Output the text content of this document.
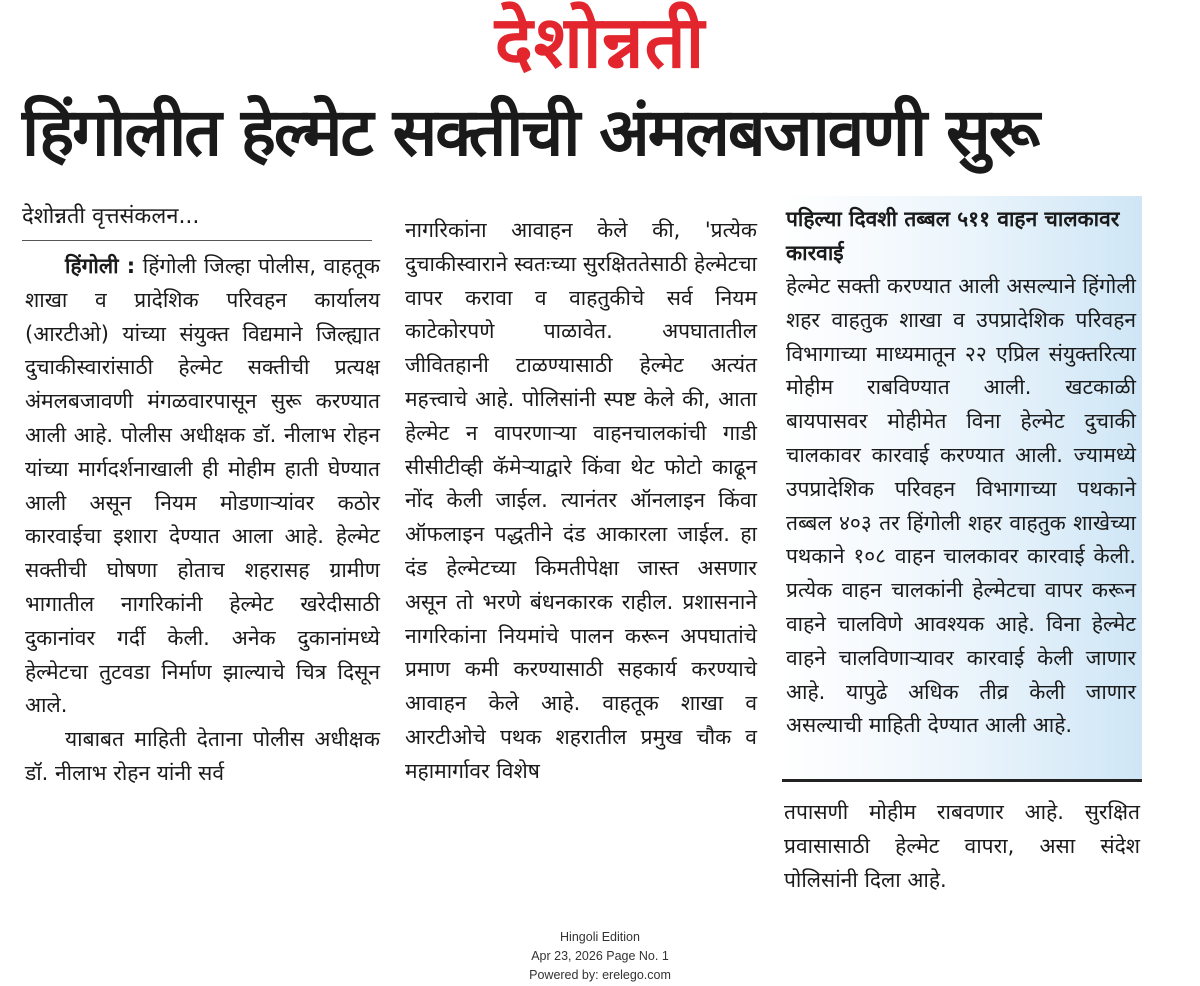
देशोन्नती
हिंगोलीत हेल्मेट सक्तीची अंमलबजावणी सुरू
देशोन्नती वृत्तसंकलन...

हिंगोली : हिंगोली जिल्हा पोलीस, वाहतूक शाखा व प्रादेशिक परिवहन कार्यालय (आरटीओ) यांच्या संयुक्त विद्यमाने जिल्ह्यात दुचाकीस्वारांसाठी हेल्मेट सक्तीची प्रत्यक्ष अंमलबजावणी मंगळवारपासून सुरू करण्यात आली आहे. पोलीस अधीक्षक डॉ. नीलाभ रोहन यांच्या मार्गदर्शनाखाली ही मोहीम हाती घेण्यात आली असून नियम मोडणाऱ्यांवर कठोर कारवाईचा इशारा देण्यात आला आहे. हेल्मेट सक्तीची घोषणा होताच शहरासह ग्रामीण भागातील नागरिकांनी हेल्मेट खरेदीसाठी दुकानांवर गर्दी केली. अनेक दुकानांमध्ये हेल्मेटचा तुटवडा निर्माण झाल्याचे चित्र दिसून आले.

याबाबत माहिती देताना पोलीस अधीक्षक डॉ. नीलाभ रोहन यांनी सर्व

नागरिकांना आवाहन केले की, 'प्रत्येक दुचाकीस्वाराने स्वतःच्या सुरक्षिततेसाठी हेल्मेटचा वापर करावा व वाहतुकीचे सर्व नियम काटेकोरपणे पाळावेत. अपघातातील जीवितहानी टाळण्यासाठी हेल्मेट अत्यंत महत्त्वाचे आहे. पोलिसांनी स्पष्ट केले की, आता हेल्मेट न वापरणाऱ्या वाहनचालकांची गाडी सीसीटीव्ही कॅमेऱ्याद्वारे किंवा थेट फोटो काढून नोंद केली जाईल. त्यानंतर ऑनलाइन किंवा ऑफलाइन पद्धतीने दंड आकारला जाईल. हा दंड हेल्मेटच्या किमतीपेक्षा जास्त असणार असून तो भरणे बंधनकारक राहील. प्रशासनाने नागरिकांना नियमांचे पालन करून अपघातांचे प्रमाण कमी करण्यासाठी सहकार्य करण्याचे आवाहन केले आहे. वाहतूक शाखा व आरटीओचे पथक शहरातील प्रमुख चौक व महामार्गावर विशेष

पहिल्या दिवशी तब्बल ५११ वाहन चालकावर कारवाई
हेल्मेट सक्ती करण्यात आली असल्याने हिंगोली शहर वाहतुक शाखा व उपप्रादेशिक परिवहन विभागाच्या माध्यमातून २२ एप्रिल संयुक्तरित्या मोहीम राबविण्यात आली. खटकाळी बायपासवर मोहीमेत विना हेल्मेट दुचाकी चालकावर कारवाई करण्यात आली. ज्यामध्ये उपप्रादेशिक परिवहन विभागाच्या पथकाने तब्बल ४०३ तर हिंगोली शहर वाहतुक शाखेच्या पथकाने १०८ वाहन चालकावर कारवाई केली. प्रत्येक वाहन चालकांनी हेल्मेटचा वापर करून वाहने चालविणे आवश्यक आहे. विना हेल्मेट वाहने चालविणाऱ्यावर कारवाई केली जाणार आहे. यापुढे अधिक तीव्र केली जाणार असल्याची माहिती देण्यात आली आहे.
तपासणी मोहीम राबवणार आहे. सुरक्षित प्रवासासाठी हेल्मेट वापरा, असा संदेश पोलिसांनी दिला आहे.
Hingoli Edition
Apr 23, 2026 Page No. 1
Powered by: erelego.com
